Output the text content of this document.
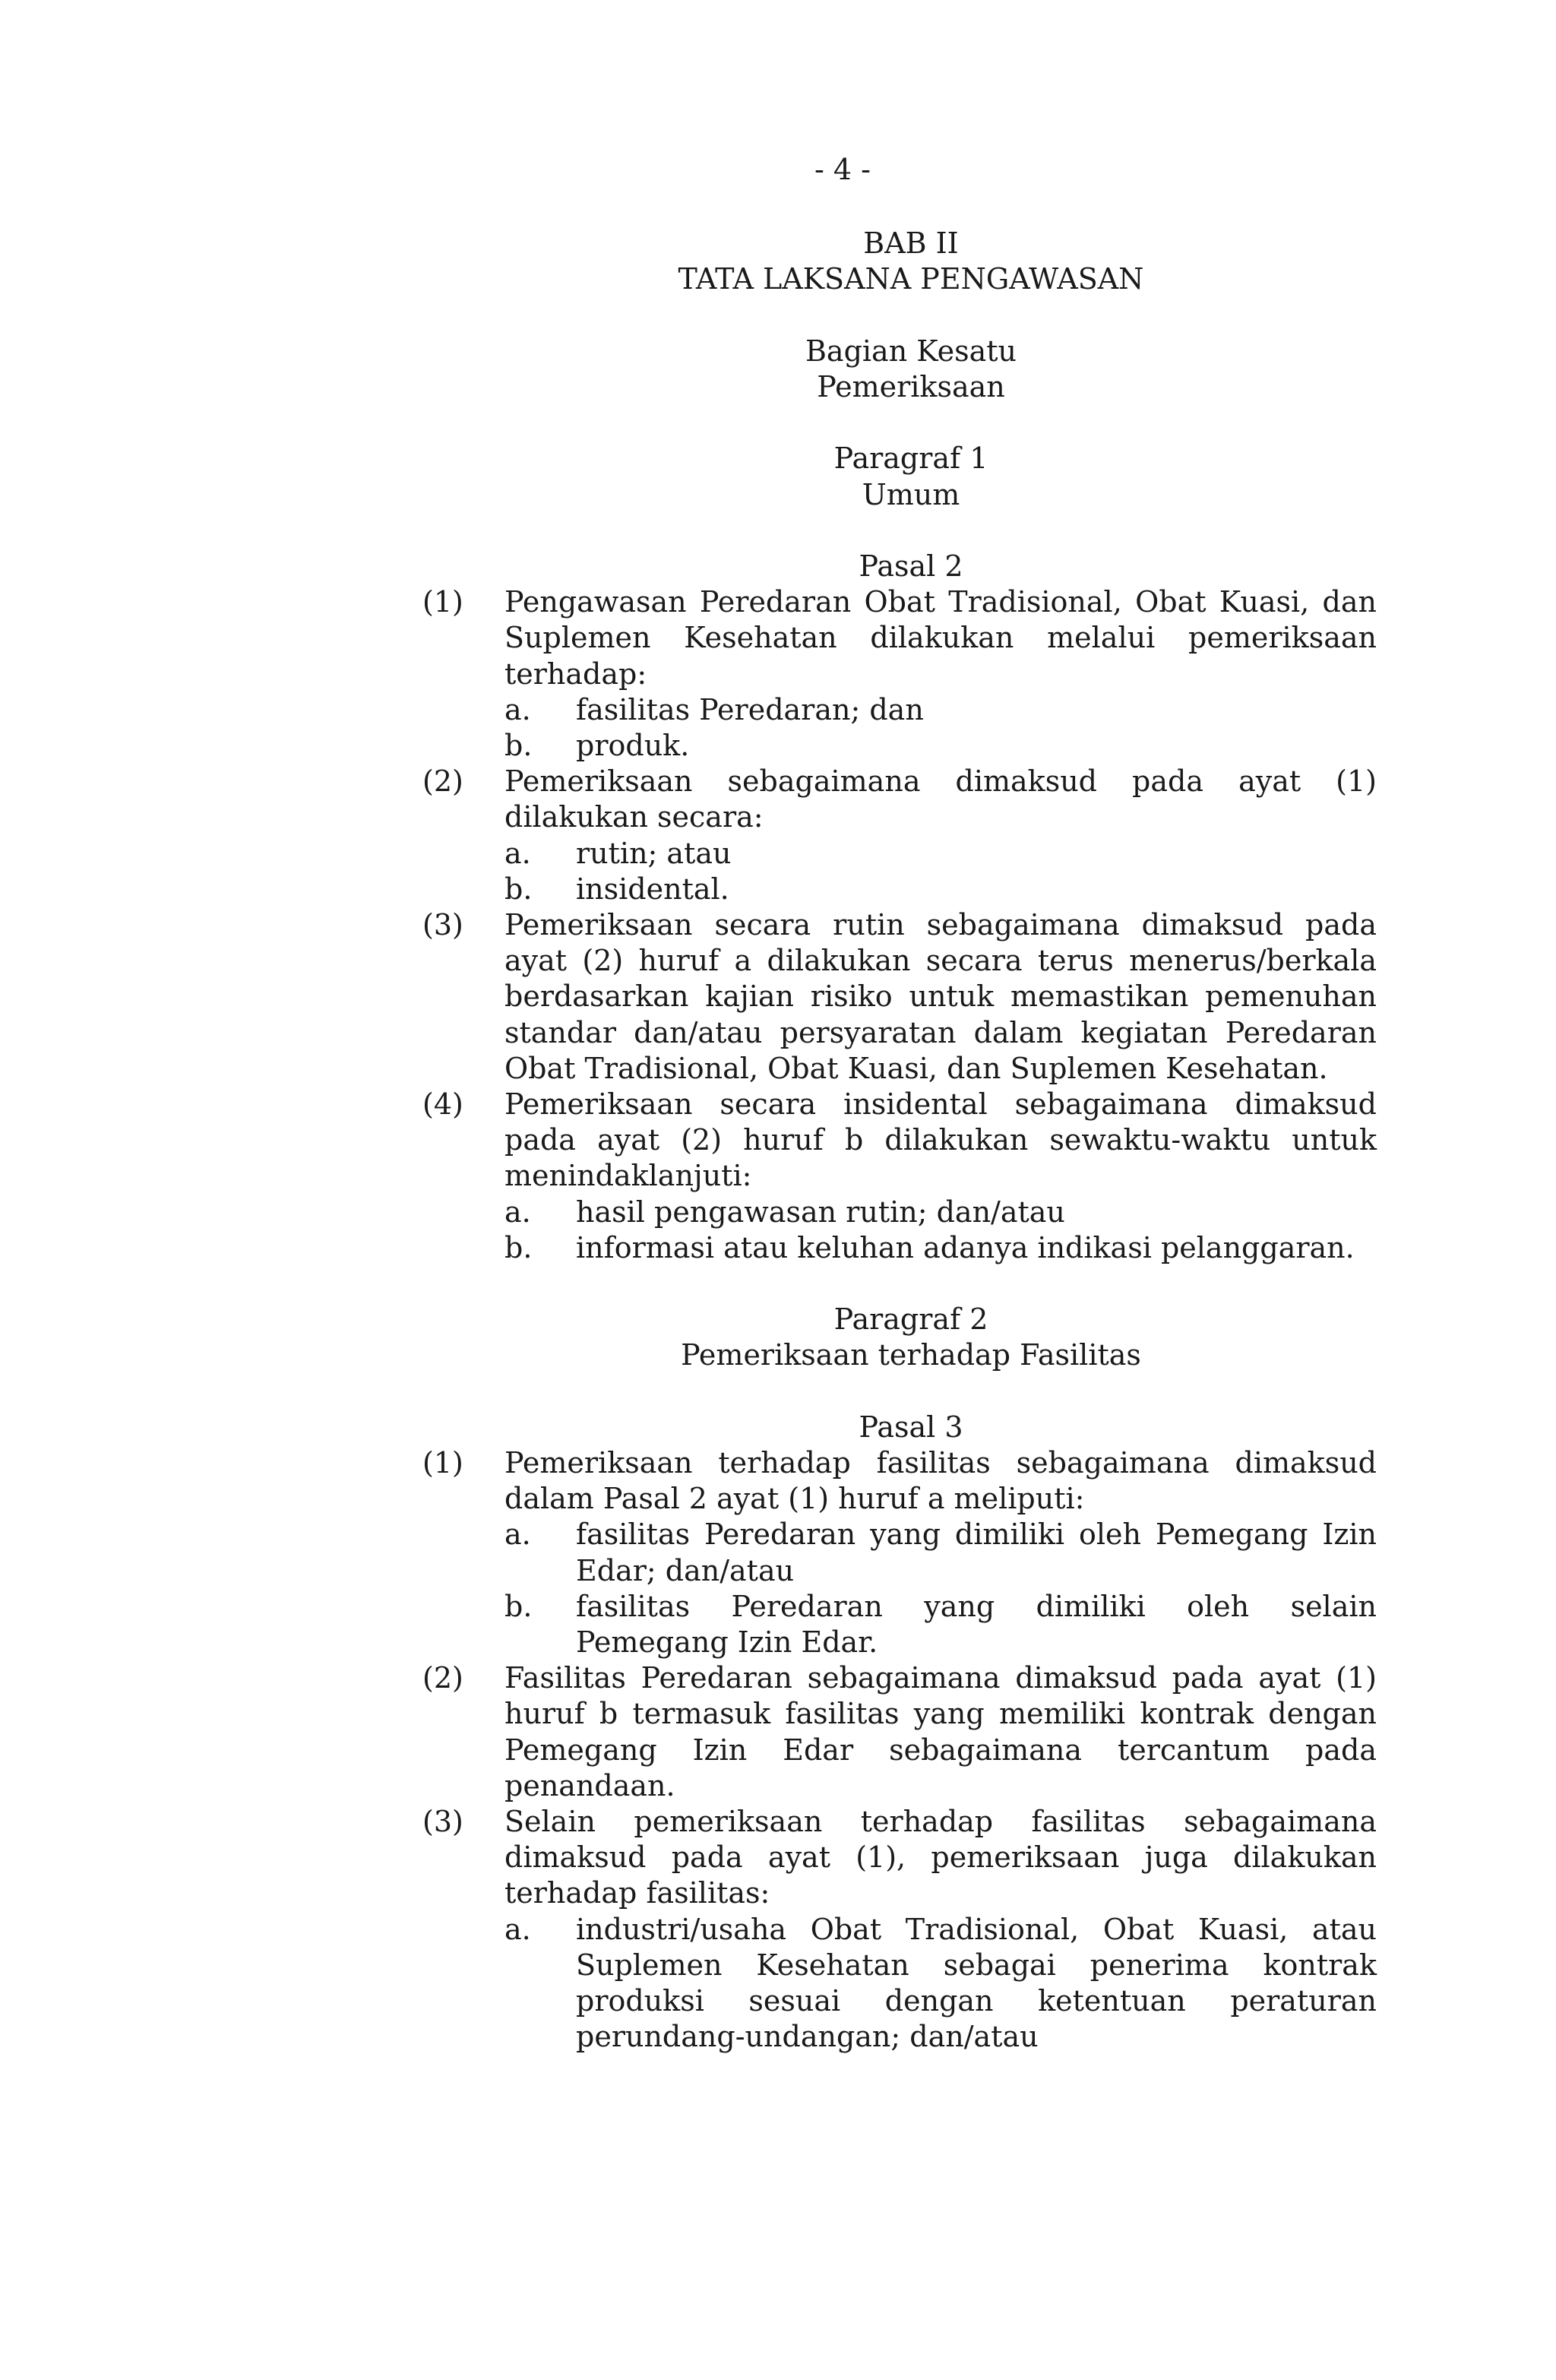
- 4 -
BAB II
TATA LAKSANA PENGAWASAN
Bagian Kesatu
Pemeriksaan
Paragraf 1
Umum
Pasal 2
(1)	Pengawasan Peredaran Obat Tradisional, Obat Kuasi, dan Suplemen Kesehatan dilakukan melalui pemeriksaan terhadap:
a.	fasilitas Peredaran; dan
b.	produk.
(2)	Pemeriksaan sebagaimana dimaksud pada ayat (1) dilakukan secara:
a.	rutin; atau
b.	insidental.
(3)	Pemeriksaan secara rutin sebagaimana dimaksud pada ayat (2) huruf a dilakukan secara terus menerus/berkala berdasarkan kajian risiko untuk memastikan pemenuhan standar dan/atau persyaratan dalam kegiatan Peredaran Obat Tradisional, Obat Kuasi, dan Suplemen Kesehatan.
(4)	Pemeriksaan secara insidental sebagaimana dimaksud pada ayat (2) huruf b dilakukan sewaktu-waktu untuk menindaklanjuti:
a.	hasil pengawasan rutin; dan/atau
b.	informasi atau keluhan adanya indikasi pelanggaran.
Paragraf 2
Pemeriksaan terhadap Fasilitas
Pasal 3
(1)	Pemeriksaan terhadap fasilitas sebagaimana dimaksud dalam Pasal 2 ayat (1) huruf a meliputi:
a.	fasilitas Peredaran yang dimiliki oleh Pemegang Izin Edar; dan/atau
b.	fasilitas Peredaran yang dimiliki oleh selain Pemegang Izin Edar.
(2)	Fasilitas Peredaran sebagaimana dimaksud pada ayat (1) huruf b termasuk fasilitas yang memiliki kontrak dengan Pemegang Izin Edar sebagaimana tercantum pada penandaan.
(3)	Selain pemeriksaan terhadap fasilitas sebagaimana dimaksud pada ayat (1), pemeriksaan juga dilakukan terhadap fasilitas:
a.	industri/usaha Obat Tradisional, Obat Kuasi, atau Suplemen Kesehatan sebagai penerima kontrak produksi sesuai dengan ketentuan peraturan perundang-undangan; dan/atau
